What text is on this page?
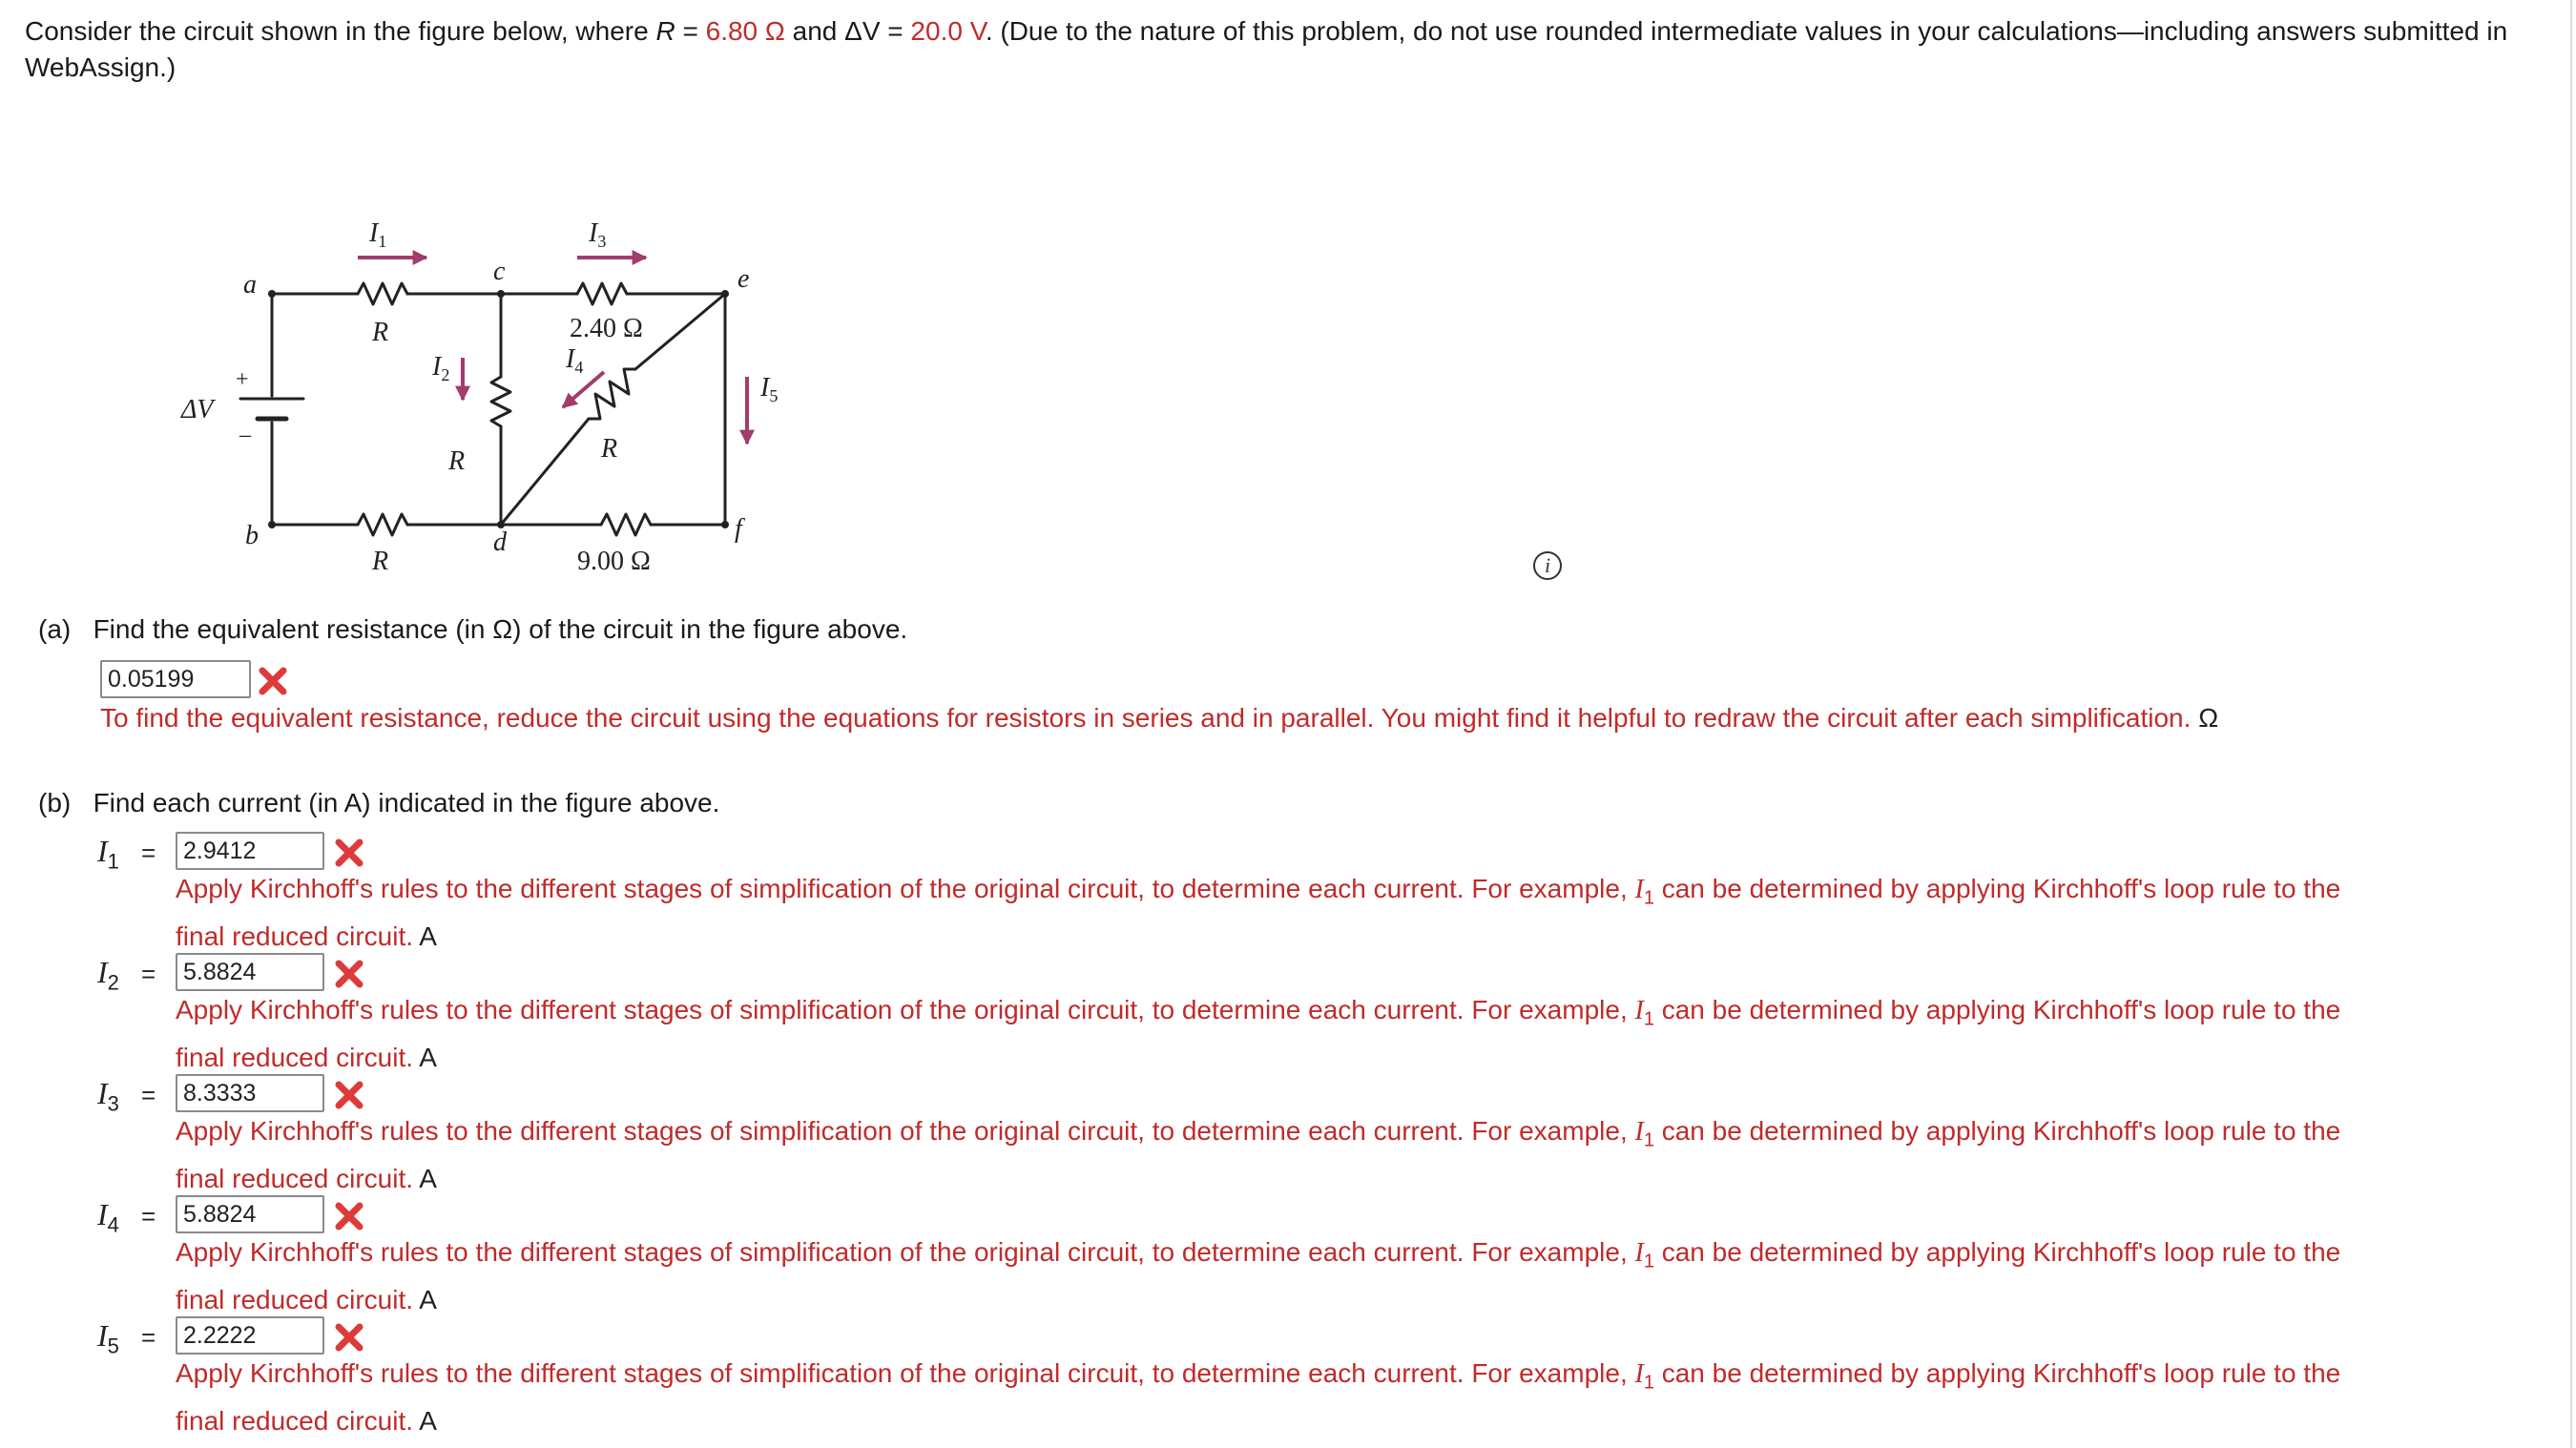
Consider the circuit shown in the figure below, where R = 6.80 Ω and ΔV = 20.0 V. (Due to the nature of this problem, do not use rounded intermediate values in your calculations—including answers submitted in WebAssign.)
a
b
c
d
e
f
R
R
R	R
2.40 Ω
9.00 Ω
ΔV
+
–
$I_1$	$I_3$
$I_2$
$I_4$
$I_5$
i
(a) Find the equivalent resistance (in Ω) of the circuit in the figure above.
0.05199
To find the equivalent resistance, reduce the circuit using the equations for resistors in series and in parallel. You might find it helpful to redraw the circuit after each simplification. Ω
(b) Find each current (in A) indicated in the figure above.
$I_1$ =	2.9412
Apply Kirchhoff's rules to the different stages of simplification of the original circuit, to determine each current. For example, $I_1$ can be determined by applying Kirchhoff's loop rule to the
final reduced circuit. A
$I_2$ =	5.8824
Apply Kirchhoff's rules to the different stages of simplification of the original circuit, to determine each current. For example, $I_1$ can be determined by applying Kirchhoff's loop rule to the
final reduced circuit. A
$I_3$ =	8.3333
Apply Kirchhoff's rules to the different stages of simplification of the original circuit, to determine each current. For example, $I_1$ can be determined by applying Kirchhoff's loop rule to the
final reduced circuit. A
$I_4$ =	5.8824
Apply Kirchhoff's rules to the different stages of simplification of the original circuit, to determine each current. For example, $I_1$ can be determined by applying Kirchhoff's loop rule to the
final reduced circuit. A
$I_5$ =	2.2222
Apply Kirchhoff's rules to the different stages of simplification of the original circuit, to determine each current. For example, $I_1$ can be determined by applying Kirchhoff's loop rule to the
final reduced circuit. A
